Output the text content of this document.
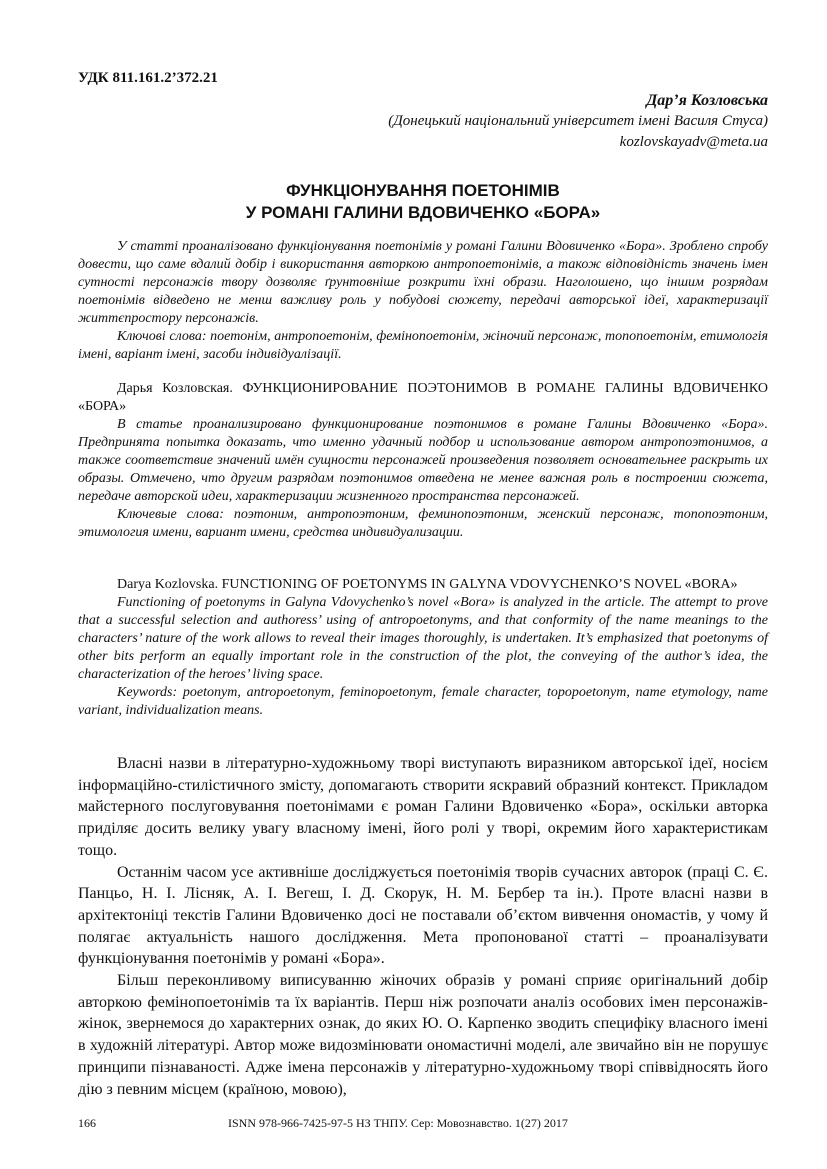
УДК 811.161.2’372.21
Дар’я Козловська
(Донецький національний університет імені Василя Стуса)
kozlovskayadv@meta.ua
ФУНКЦІОНУВАННЯ ПОЕТОНІМІВ
У РОМАНІ ГАЛИНИ ВДОВИЧЕНКО «БОРА»

У статті проаналізовано функціонування поетонімів у романі Галини Вдовиченко «Бора». Зроблено спробу довести, що саме вдалий добір і використання авторкою антропоетонімів, а також відповідність значень імен сутності персонажів твору дозволяє ґрунтовніше розкрити їхні образи. Наголошено, що іншим розрядам поетонімів відведено не менш важливу роль у побудові сюжету, передачі авторської ідеї, характеризації життєпростору персонажів.

Ключові слова: поетонім, антропоетонім, фемінопоетонім, жіночий персонаж, топопоетонім, етимологія імені, варіант імені, засоби індивідуалізації.

Дарья Козловская. ФУНКЦИОНИРОВАНИЕ ПОЭТОНИМОВ В РОМАНЕ ГАЛИНЫ ВДОВИЧЕНКО «БОРА»

В статье проанализировано функционирование поэтонимов в романе Галины Вдовиченко «Бора». Предпринята попытка доказать, что именно удачный подбор и использование автором антропоэтонимов, а также соответствие значений имён сущности персонажей произведения позволяет основательнее раскрыть их образы. Отмечено, что другим разрядам поэтонимов отведена не менее важная роль в построении сюжета, передаче авторской идеи, характеризации жизненного пространства персонажей.

Ключевые слова: поэтоним, антропоэтоним, феминопоэтоним, женский персонаж, топопоэтоним, этимология имени, вариант имени, средства индивидуализации.

Darya Kozlovska. FUNCTIONING OF POETONYMS IN GALYNA VDOVYCHENKO’S NOVEL «BORA»

Functioning of poetonyms in Galyna Vdovychenko’s novel «Bora» is analyzed in the article. The attempt to prove that a successful selection and authoress’ using of antropoetonyms, and that conformity of the name meanings to the characters’ nature of the work allows to reveal their images thoroughly, is undertaken. It’s emphasized that poetonyms of other bits perform an equally important role in the construction of the plot, the conveying of the author’s idea, the characterization of the heroes’ living space.

Keywords: poetonym, antropoetonym, feminopoetonym, female character, topopoetonym, name etymology, name variant, individualization means.

Власні назви в літературно-художньому творі виступають виразником авторської ідеї, носієм інформаційно-стилістичного змісту, допомагають створити яскравий образний контекст. Прикладом майстерного послуговування поетонімами є роман Галини Вдовиченко «Бора», оскільки авторка приділяє досить велику увагу власному імені, його ролі у творі, окремим його характеристикам тощо.

Останнім часом усе активніше досліджується поетонімія творів сучасних авторок (праці С. Є. Панцьо, Н. І. Лісняк, А. І. Вегеш, І. Д. Скорук, Н. М. Бербер та ін.). Проте власні назви в архітектоніці текстів Галини Вдовиченко досі не поставали об’єктом вивчення ономастів, у чому й полягає актуальність нашого дослідження. Мета пропонованої статті – проаналізувати функціонування поетонімів у романі «Бора».

Більш переконливому виписуванню жіночих образів у романі сприяє оригінальний добір авторкою фемінопоетонімів та їх варіантів. Перш ніж розпочати аналіз особових імен персонажів-жінок, звернемося до характерних ознак, до яких Ю. О. Карпенко зводить специфіку власного імені в художній літературі. Автор може видозмінювати ономастичні моделі, але звичайно він не порушує принципи пізнаваності. Адже імена персонажів у літературно-художньому творі співвідносять його дію з певним місцем (країною, мовою),

166	ISNN 978-966-7425-97-5 НЗ ТНПУ. Сер: Мовознавство. 1(27) 2017
